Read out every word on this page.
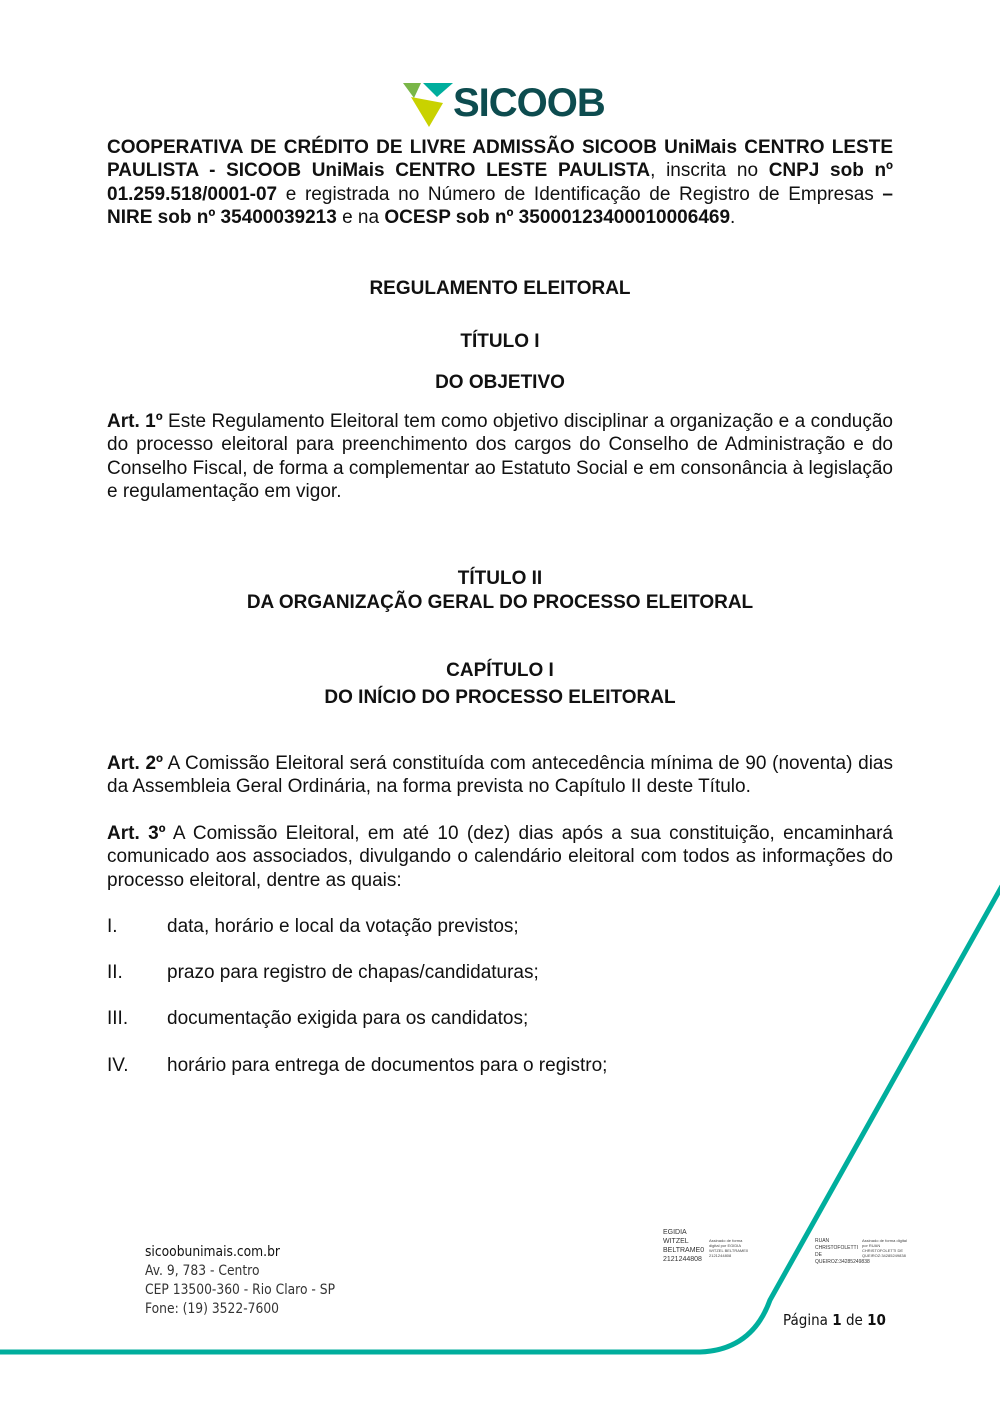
SICOOB
COOPERATIVA DE CRÉDITO DE LIVRE ADMISSÃO SICOOB UniMais CENTRO LESTE PAULISTA - SICOOB UniMais CENTRO LESTE PAULISTA, inscrita no CNPJ sob nº 01.259.518/0001-07 e registrada no Número de Identificação de Registro de Empresas – NIRE sob nº 35400039213 e na OCESP sob nº 35000123400010006469.
REGULAMENTO ELEITORAL
TÍTULO I
DO OBJETIVO
Art. 1º Este Regulamento Eleitoral tem como objetivo disciplinar a organização e a condução do processo eleitoral para preenchimento dos cargos do Conselho de Administração e do Conselho Fiscal, de forma a complementar ao Estatuto Social e em consonância à legislação e regulamentação em vigor.
TÍTULO II
DA ORGANIZAÇÃO GERAL DO PROCESSO ELEITORAL
CAPÍTULO I
DO INÍCIO DO PROCESSO ELEITORAL
Art. 2º A Comissão Eleitoral será constituída com antecedência mínima de 90 (noventa) dias da Assembleia Geral Ordinária, na forma prevista no Capítulo II deste Título.
Art. 3º A Comissão Eleitoral, em até 10 (dez) dias após a sua constituição, encaminhará comunicado aos associados, divulgando o calendário eleitoral com todos as informações do processo eleitoral, dentre as quais:
I.	data, horário e local da votação previstos;
II. prazo para registro de chapas/candidaturas;
III. documentação exigida para os candidatos;
IV. horário para entrega de documentos para o registro;
EGIDIA WITZEL BELTRAME0 2121244808
Assinado de forma digital por EGIDIA WITZEL BELTRAME0 2121244808
RUAN CHRISTOFOLETTI DE QUEIROZ:34285249838
Assinado de forma digital por RUAN CHRISTOFOLETTI DE QUEIROZ:34285249838
sicoobunimais.com.br
Av. 9, 783 - Centro
CEP 13500-360 - Rio Claro - SP
Fone: (19) 3522-7600
Página 1 de 10
